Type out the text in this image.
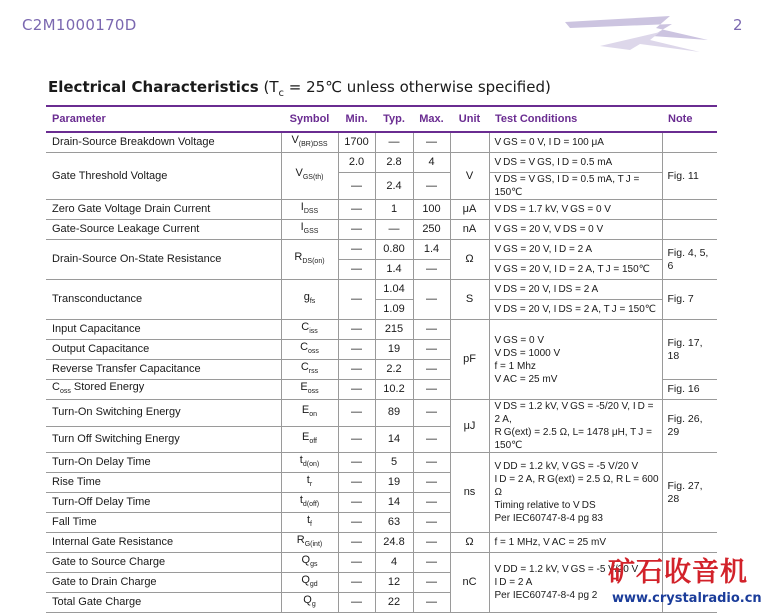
C2M1000170D	2
Electrical Characteristics ($T_c$ = 25℃ unless otherwise specified)
Parameter	Symbol	Min.	Typ.	Max.	Unit	Test Conditions	Note
Drain-Source Breakdown Voltage	$V_{(BR)DSS}$	1700	—	—		V GS = 0 V, I D = 100 μA	
Gate Threshold Voltage	$V_{GS(th)}$	2.0	2.8	4	V	V DS = V GS, I D = 0.5 mA	Fig. 11
		—	2.4	—		V DS = V GS, I D = 0.5 mA, T J = 150℃	
Zero Gate Voltage Drain Current	$I_{DSS}$	—	1	100	μA	V DS = 1.7 kV, V GS = 0 V	
Gate-Source Leakage Current	$I_{GSS}$	—	—	250	nA	V GS = 20 V, V DS = 0 V	
Drain-Source On-State Resistance	$R_{DS(on)}$	—	0.80	1.4	Ω	V GS = 20 V, I D = 2 A	Fig. 4, 5, 6
		—	1.4	—		V GS = 20 V, I D = 2 A, T J = 150℃	
Transconductance	$g_{fs}$	—	1.04	—	S	V DS = 20 V, I DS = 2 A	Fig. 7
			1.09			V DS = 20 V, I DS = 2 A, T J = 150℃	
Input Capacitance	$C_{iss}$	—	215	—	pF	V GS = 0 V
V DS = 1000 V
f = 1 Mhz
V AC = 25 mV	Fig. 17, 18
Output Capacitance	$C_{oss}$	—	19	—			
Reverse Transfer Capacitance	$C_{rss}$	—	2.2	—			
$C_{oss}$ Stored Energy	$E_{oss}$	—	10.2	—			Fig. 16
Turn-On Switching Energy	$E_{on}$	—	89	—	μJ	V DS = 1.2 kV, V GS = -5/20 V, I D = 2 A,
R G(ext) = 2.5 Ω, L= 1478 μH, T J = 150℃	Fig. 26, 29
Turn Off Switching Energy	$E_{off}$	—	14	—			
Turn-On Delay Time	$t_{d(on)}$	—	5	—	ns	V DD = 1.2 kV, V GS = -5 V/20 V
I D = 2 A, R G(ext) = 2.5 Ω, R L = 600 Ω
Timing relative to V DS
Per IEC60747-8-4 pg 83	Fig. 27, 28
Rise Time	$t_r$	—	19	—			
Turn-Off Delay Time	$t_{d(off)}$	—	14	—			
Fall Time	$t_f$	—	63	—			
Internal Gate Resistance	$R_{G(int)}$	—	24.8	—	Ω	f = 1 MHz, V AC = 25 mV	
Gate to Source Charge	$Q_{gs}$	—	4	—	nC	V DD = 1.2 kV, V GS = -5 V/20 V
I D = 2 A
Per IEC60747-8-4 pg 2	

Gate to Drain Charge	$Q_{gd}$	—	12	—			
Total Gate Charge	$Q_g$	—	22	—			
矿石收音机
www.crystalradio.cn
